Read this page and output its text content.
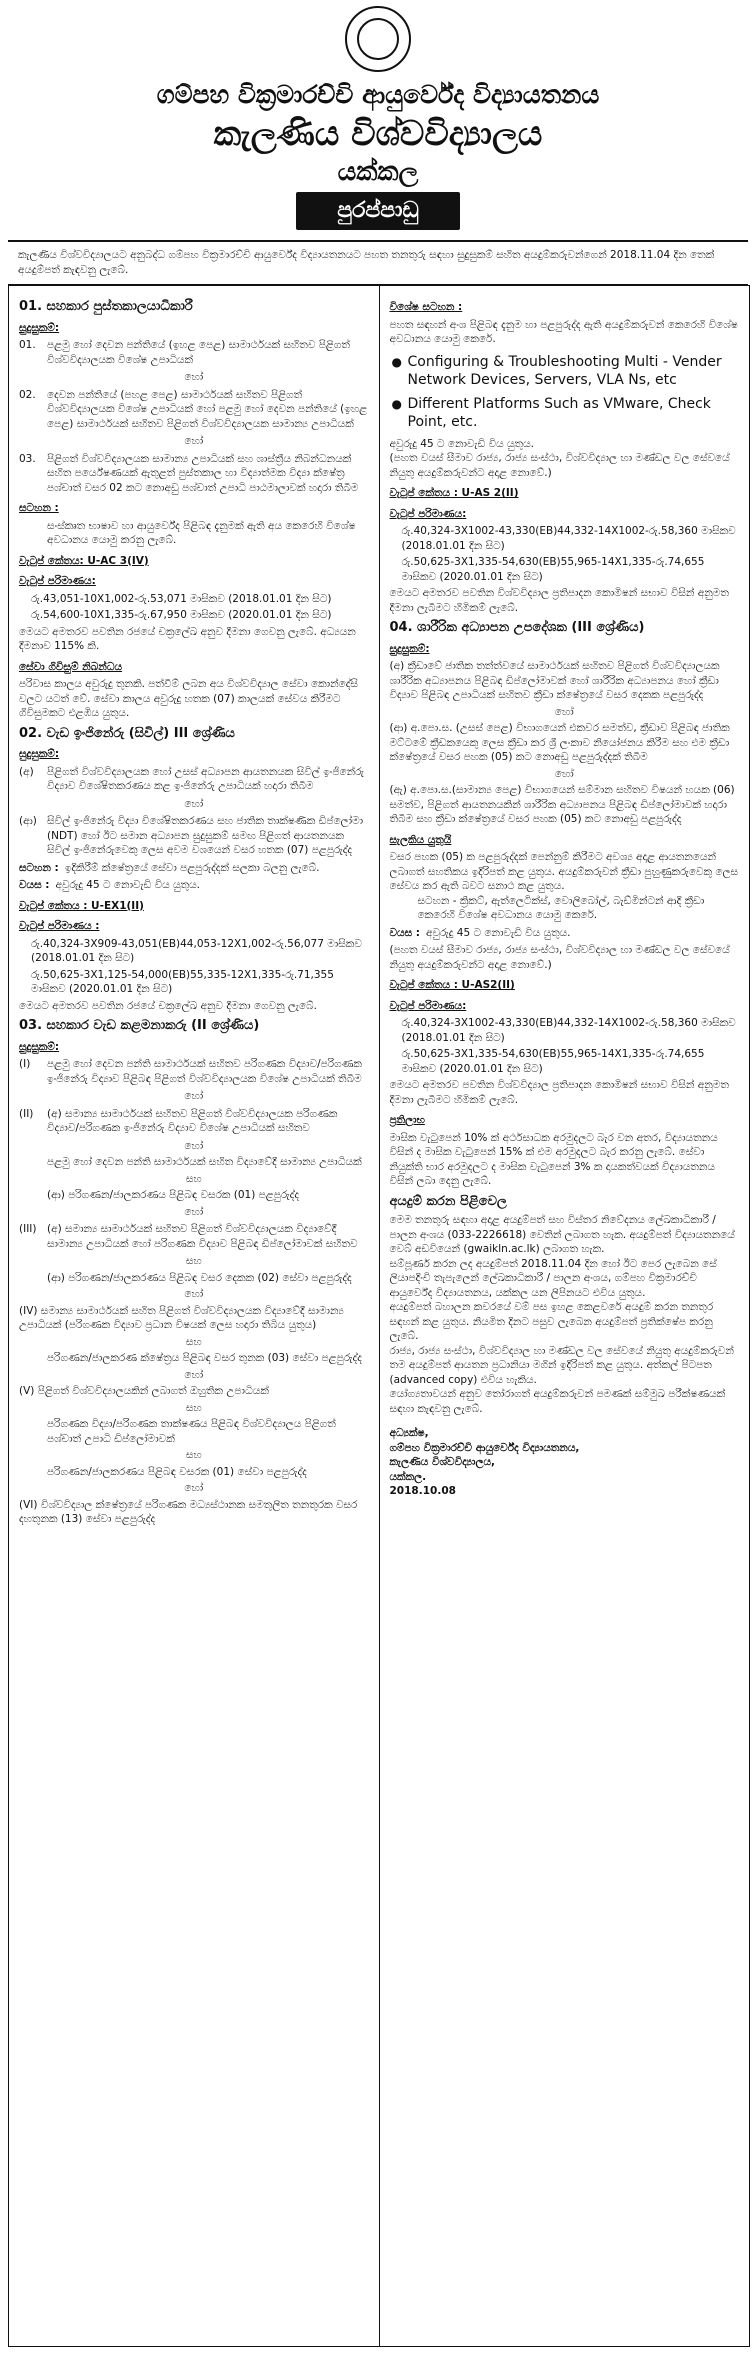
ගම්පහ වික්‍රමාරච්චි ආයුර්වේද විද්‍යායතනය
කැලණිය විශ්වවිද්‍යාලය
යක්කල
පුරප්පාඩු
කැලණිය විශ්වවිද්‍යාලයට අනුබද්ධ ගම්පහ වික්‍රමාරච්චි ආයුර්වේද විද්‍යායතනයට පහත තනතුරු සඳහා සුදුසුකම් සහිත අයදුම්කරුවන්ගෙන් 2018.11.04 දින තෙක් අයදුම්පත් කැඳවනු ලැබේ.
01. සහකාර පුස්තකාලයාධිකාරී
සුදුසුකම්:
01.	පළමු හෝ දෙවන පන්තියේ (ඉහළ පෙළ) සාමාර්ථයක් සහිතව පිළිගත් විශ්වවිද්‍යාලයක විශේෂ උපාධියක්
හෝ
02.	දෙවන පන්තියේ (පහළ පෙළ) සාමාර්ථයක් සහිතව පිළිගත් විශ්වවිද්‍යාලයක විශේෂ උපාධියක් හෝ පළමු හෝ දෙවන පන්තියේ (ඉහළ පෙළ) සාමාර්ථයක් සහිතව පිළිගත් විශ්වවිද්‍යාලයක සාමාන්‍ය උපාධියක්
හෝ
03.	පිළිගත් විශ්වවිද්‍යාලයක සාමාන්‍ය උපාධියක් සහ ශාස්ත්‍රීය නිබන්ධනයක් සහිත පර්යේෂණයක් ඇතුළත් පුස්තකාල හා විද්‍යාත්මක විද්‍යා ක්ෂේත්‍ර පශ්චාත් වසර 02 කට නොඅඩු පශ්චාත් උපාධි පාඨමාලාවක් හදාරා තිබීම
සටහන :
සංස්කෘත භාෂාව හා ආයුර්වේද පිළිබඳ දැනුමක් ඇති අය කෙරෙහි විශේෂ අවධානය යොමු කරනු ලැබේ.
වැටුප් කේතය: U-AC 3(IV)
වැටුප් පරිමාණය:
රු.43,051-10X1,002-රු.53,071 මාසිකව (2018.01.01 දින සිට)
රු.54,600-10X1,335-රු.67,950 මාසිකව (2020.01.01 දින සිට)
මෙයට අමතරව පවතින රජයේ චක්‍රලේඛ අනුව දීමනා ගෙවනු ලැබේ. අධ්‍යයන දීමනාව 115% කි.
සේවා ගිවිසුම් නිබන්ධය
පරිවාස කාලය අවුරුදු තුනකි. පත්වීම් ලබන අය විශ්වවිද්‍යාල සේවා කොන්දේසි වලට යටත් වේ. සේවා කාලය අවුරුදු හතක (07) කාලයක් සේවය කිරීමට ගිවිසුමකට එළඹිය යුතුය.
02. වැඩ ඉංජිනේරු (සිවිල්) III ශ්‍රේණිය
සුදුසුකම්:
(අ)	පිළිගත් විශ්වවිද්‍යාලයක හෝ උසස් අධ්‍යාපන ආයතනයක සිවිල් ඉංජිනේරු විද්‍යාව විශේෂිතකරණය කළ ඉංජිනේරු උපාධියක් හදාරා තිබීම
හෝ
(ආ) සිවිල් ඉංජිනේරු විද්‍යා විශේෂිතකරණය සහ ජාතික තාක්ෂණික ඩිප්ලෝමා (NDT) හෝ ඊට සමාන අධ්‍යාපන සුදුසුකම් සමඟ පිළිගත් ආයතනයක සිවිල් ඉංජිනේරුවෙකු ලෙස අවම වශයෙන් වසර හතක (07) පළපුරුද්ද
සටහන : ඉදිකිරීම් ක්ෂේත්‍රයේ සේවා පළපුරුද්දක් සලකා බලනු ලැබේ.
වයස : අවුරුදු 45 ට නොවැඩි විය යුතුය.
වැටුප් කේතය : U-EX1(II)
වැටුප් පරිමාණය :
රු.40,324-3X909-43,051(EB)44,053-12X1,002-රු.56,077 මාසිකව (2018.01.01 දින සිට)
රු.50,625-3X1,125-54,000(EB)55,335-12X1,335-රු.71,355 මාසිකව (2020.01.01 දින සිට)
මෙයට අමතරව පවතින රජයේ චක්‍රලේඛ අනුව දීමනා ගෙවනු ලැබේ.
03. සහකාර වැඩ කළමනාකරු (II ශ්‍රේණිය)
සුදුසුකම්:
(I)	පළමු හෝ දෙවන පන්ති සාමාර්ථයක් සහිතව පරිගණක විද්‍යාව/පරිගණක ඉංජිනේරු විද්‍යාව පිළිබඳ පිළිගත් විශ්වවිද්‍යාලයක විශේෂ උපාධියක් තිබීම
හෝ
(II)	(අ) සමාන්‍ය සාමාර්ථයක් සහිතව පිළිගත් විශ්වවිද්‍යාලයක පරිගණක විද්‍යාව/පරිගණක ඉංජිනේරු විද්‍යාව විශේෂ උපාධියක් සහිතව
හෝ
පළමු හෝ දෙවන පන්ති සාමාර්ථයක් සහිත විද්‍යාවේදී සාමාන්‍ය උපාධියක්
සහ
(ආ) පරිගණන/ජාලකරණය පිළිබඳ වසරක (01) පළපුරුද්ද
හෝ
(III)	(අ) සමාන්‍ය සාමාර්ථයක් සහිතව පිළිගත් විශ්වවිද්‍යාලයක විද්‍යාවේදී සාමාන්‍ය උපාධියක් හෝ පරිගණක විද්‍යාව පිළිබඳ ඩිප්ලෝමාවක් සහිතව
සහ
(ආ) පරිගණන/ජාලකරණය පිළිබඳ වසර දෙකක (02) සේවා පළපුරුද්ද
හෝ
(IV) සමාන්‍ය සාමාර්ථයක් සහිත පිළිගත් විශ්වවිද්‍යාලයක විද්‍යාවේදී සාමාන්‍ය උපාධියක් (පරිගණක විද්‍යාව ප්‍රධාන විෂයක් ලෙස හදාරා තිබිය යුතුය)
සහ
පරිගණන/ජාලකරණ ක්ෂේත්‍රය පිළිබඳ වසර තුනක (03) සේවා පළපුරුද්ද
හෝ
(V) පිළිගත් විශ්වවිද්‍යාලයකින් ලබාගත් ඔහුතික උපාධියක්
සහ
පරිගණක විද්‍යා/පරිගණක තාක්ෂණය පිළිබඳ විශ්වවිද්‍යාලය පිළිගත් පශ්චාත් උපාධි ඩිප්ලෝමාවක්
සහ
පරිගණන/ජාලකරණය පිළිබඳ වසරක (01) සේවා පළපුරුද්ද
හෝ
(VI) විශ්වවිද්‍යාල ක්ෂේත්‍රයේ පරිගණක මධ්‍යස්ථානක සමතුලිත තනතුරක වසර දහතුනක (13) සේවා පළපුරුද්ද
විශේෂ සටහන :
පහත සඳහන් අංශ පිළිබඳ දැනුම හා පළපුරුද්ද ඇති අයදුම්කරුවන් කෙරෙහි විශේෂ අවධානය යොමු කෙරේ.
● Configuring & Troubleshooting Multi - Vender Network Devices, Servers, VLA Ns, etc
● Different Platforms Such as VMware, Check Point, etc.
අවුරුදු 45 ට නොවැඩි විය යුතුය.
(පහත වයස් සීමාව රාජ්‍ය, රාජ්‍ය සංස්ථා, විශ්වවිද්‍යාල හා මණ්ඩල වල සේවයේ නියුතු අයදුම්කරුවන්ට අදාළ නොවේ.)
වැටුප් කේතය : U-AS 2(II)
වැටුප් පරිමාණය:
රු.40,324-3X1002-43,330(EB)44,332-14X1002-රු.58,360 මාසිකව (2018.01.01 දින සිට)
රු.50,625-3X1,335-54,630(EB)55,965-14X1,335-රු.74,655 මාසිකව (2020.01.01 දින සිට)
මෙයට අමතරව පවතින විශ්වවිද්‍යාල ප්‍රතිපාදන කොමිෂන් සභාව විසින් අනුමත දීමනා ලැබීමට හිමිකම් ලැබේ.
04. ශාරීරික අධ්‍යාපන උපදේශක (III ශ්‍රේණිය)
සුදුසුකම්:
(අ) ක්‍රීඩාවේ ජාතික තත්ත්වයේ සාමාර්ථයක් සහිතව පිළිගත් විශ්වවිද්‍යාලයක ශාරීරික අධ්‍යාපනය පිළිබඳ ඩිප්ලෝමාවක් හෝ ශාරීරික අධ්‍යාපනය හෝ ක්‍රීඩා විද්‍යාව පිළිබඳ උපාධියක් සහිතව ක්‍රීඩා ක්ෂේත්‍රයේ වසර දෙකක පළපුරුද්ද
හෝ
(ආ) අ.පො.ස. (උසස් පෙළ) විභාගයෙන් එකවර සමත්ව, ක්‍රීඩාව පිළිබඳ ජාතික මට්ටමේ ක්‍රීඩකයෙකු ලෙස ක්‍රීඩා කර ශ්‍රී ලංකාව නියෝජනය කිරීම සහ එම ක්‍රීඩා ක්ෂේත්‍රයේ වසර පහක (05) කට නොඅඩු පළපුරුද්දක් තිබීම
හෝ
(ඇ) අ.පො.ස.(සාමාන්‍ය පෙළ) විභාගයෙන් සම්මාන සහිතව විෂයන් හයක (06) සමත්ව, පිළිගත් ආයතනයකින් ශාරීරික අධ්‍යාපනය පිළිබඳ ඩිප්ලෝමාවක් හදාරා තිබීම සහ ක්‍රීඩා ක්ෂේත්‍රයේ වසර පහක (05) කට නොඅඩු පළපුරුද්ද
සැලකිය යුතුයි
වසර පහක (05) ක පළපුරුද්දක් පෙන්නුම් කිරීමට අවශ්‍ය අදාළ ආයතනයෙන් ලබාගත් සහතිකය ඉදිරිපත් කළ යුතුය. අයදුම්කරුවන් ක්‍රීඩා පුහුණුකරුවෙකු ලෙස සේවය කර ඇති බවට සනාථ කළ යුතුය.
සටහන - ක්‍රිකට්, ඇත්ලෙටික්ස්, වොලිබෝල්, බැඩ්මින්ටන් ආදි ක්‍රීඩා කෙරෙහි විශේෂ අවධානය යොමු කෙරේ.
වයස : අවුරුදු 45 ට නොවැඩි විය යුතුය.
(පහත වයස් සීමාව රාජ්‍ය, රාජ්‍ය සංස්ථා, විශ්වවිද්‍යාල හා මණ්ඩල වල සේවයේ නියුතු අයදුම්කරුවන්ට අදාළ නොවේ.)
වැටුප් කේතය : U-AS2(II)
වැටුප් පරිමාණය:
රු.40,324-3X1002-43,330(EB)44,332-14X1002-රු.58,360 මාසිකව (2018.01.01 දින සිට)
රු.50,625-3X1,335-54,630(EB)55,965-14X1,335-රු.74,655 මාසිකව (2020.01.01 දින සිට)
මෙයට අමතරව පවතින විශ්වවිද්‍යාල ප්‍රතිපාදන කොමිෂන් සභාව විසින් අනුමත දීමනා ලැබීමට හිමිකම් ලැබේ.
ප්‍රතිලාභ
මාසික වැටුපෙන් 10% ක් අර්ථසාධක අරමුදලට බැර වන අතර, විද්‍යායතනය විසින් ද මාසික වැටුපෙන් 15% ක් එම අරමුදලට බැර කරනු ලැබේ. සේවා නියුක්ති භාර අරමුදලට ද මාසික වැටුපෙන් 3% ක දායකත්වයක් විද්‍යායතනය විසින් ලබා දෙනු ලැබේ.
අයදුම් කරන පිළිවෙල
මෙම තනතුරු සඳහා අදාළ අයදුම්පත් සහ විස්තර නිවේදනය ලේඛකාධිකාරී / පාලන අංශය (033-2226618) වෙතින් ලබාගත හැක. අයදුම්පත් විද්‍යායතනයේ වෙබ් අඩවියෙන් (gwaikln.ac.lk) ලබාගත හැක.
සම්පූර්ණ කරන ලද අයදුම්පත් 2018.11.04 දින හෝ ඊට පෙර ලැබෙන සේ ලියාපදිංචි තැපැලෙන් ලේඛකාධිකාරී / පාලන අංශය, ගම්පහ වික්‍රමාරච්චි ආයුර්වේද විද්‍යායතනය, යක්කල යන ලිපිනයට එවිය යුතුය.
අයදුම්පත් බහාලන කවරයේ වම් පස ඉහළ කෙළවරේ අයදුම් කරන තනතුර සඳහන් කළ යුතුය. නියමිත දිනට පසුව ලැබෙන අයදුම්පත් ප්‍රතික්ෂේප කරනු ලැබේ.
රාජ්‍ය, රාජ්‍ය සංස්ථා, විශ්වවිද්‍යාල හා මණ්ඩල වල සේවයේ නියුතු අයදුම්කරුවන් තම අයදුම්පත් ආයතන ප්‍රධානියා මගින් ඉදිරිපත් කළ යුතුය. අත්කල් පිටපත (advanced copy) එවිය හැකිය.
යෝග්‍යතාවයන් අනුව තෝරාගත් අයදුම්කරුවන් පමණක් සම්මුඛ පරීක්ෂණයක් සඳහා කැඳවනු ලැබේ.
අධ්‍යක්ෂ,
ගම්පහ වික්‍රමාරච්චි ආයුර්වේද විද්‍යායතනය,
කැලණිය විශ්වවිද්‍යාලය,
යක්කල.
2018.10.08
